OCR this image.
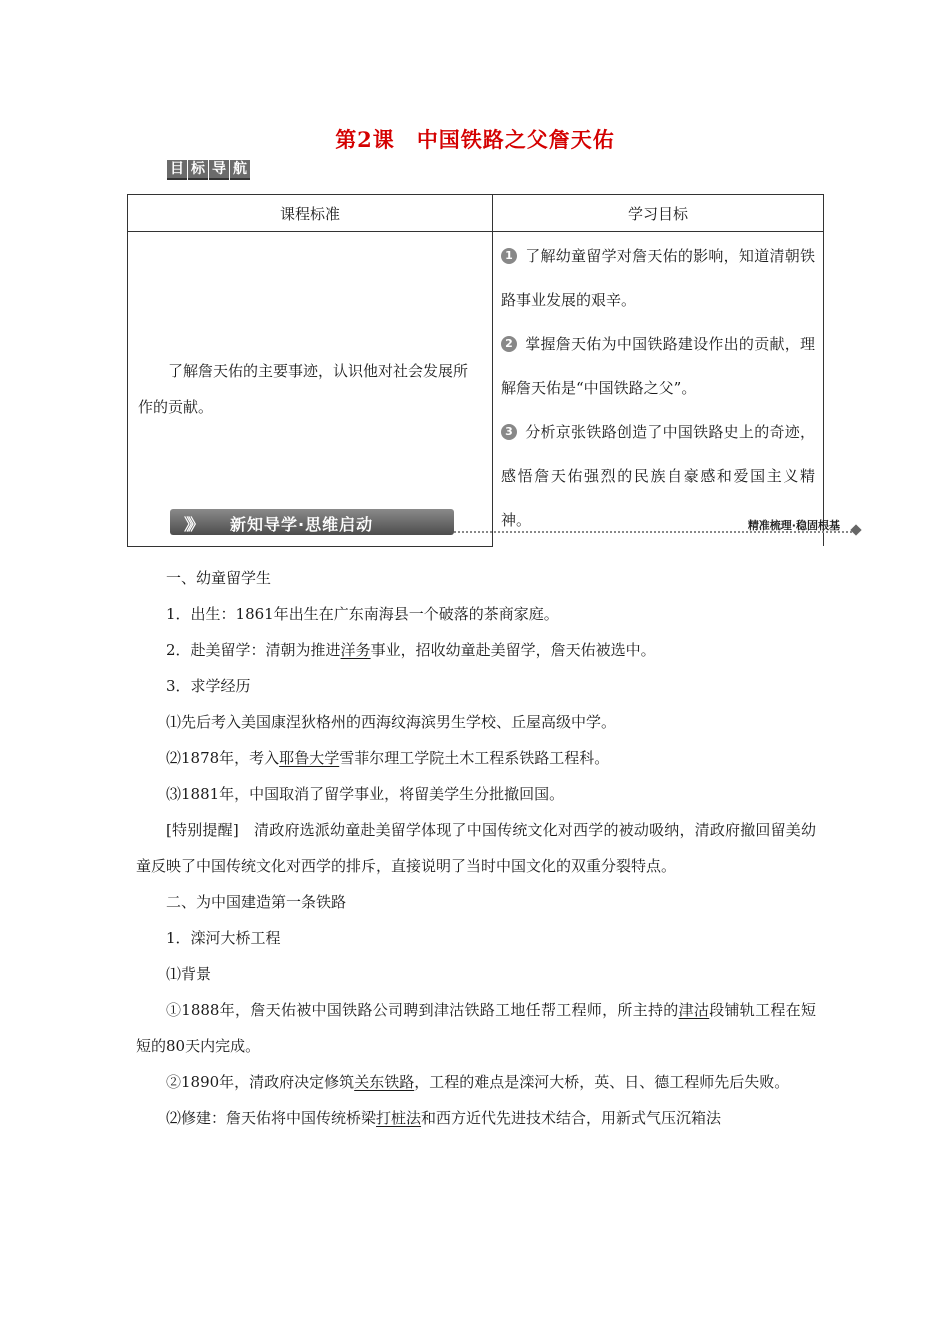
第2课 中国铁路之父詹天佑
目 标 导 航
课程标准	学习目标

了解詹天佑的主要事迹，认识他对社会发展所作的贡献。	1 了解幼童留学对詹天佑的影响，知道清朝铁路事业发展的艰辛。
2 掌握詹天佑为中国铁路建设作出的贡献，理解詹天佑是“中国铁路之父”。
3 分析京张铁路创造了中国铁路史上的奇迹，感悟詹天佑强烈的民族自豪感和爱国主义精神。
》》 新知导学·思维启动	精准梳理·稳固根基

一、幼童留学生

1．出生：1861年出生在广东南海县一个破落的茶商家庭。

2．赴美留学：清朝为推进洋务事业，招收幼童赴美留学，詹天佑被选中。

3．求学经历

⑴先后考入美国康涅狄格州的西海纹海滨男生学校、丘屋高级中学。

⑵1878年，考入耶鲁大学雪菲尔理工学院土木工程系铁路工程科。

⑶1881年，中国取消了留学事业，将留美学生分批撤回国。

[特别提醒]　清政府选派幼童赴美留学体现了中国传统文化对西学的被动吸纳，清政府撤回留美幼童反映了中国传统文化对西学的排斥，直接说明了当时中国文化的双重分裂特点。

二、为中国建造第一条铁路

1．滦河大桥工程

⑴背景

①1888年，詹天佑被中国铁路公司聘到津沽铁路工地任帮工程师，所主持的津沽段铺轨工程在短短的80天内完成。

②1890年，清政府决定修筑关东铁路，工程的难点是滦河大桥，英、日、德工程师先后失败。

⑵修建：詹天佑将中国传统桥梁打桩法和西方近代先进技术结合，用新式气压沉箱法
